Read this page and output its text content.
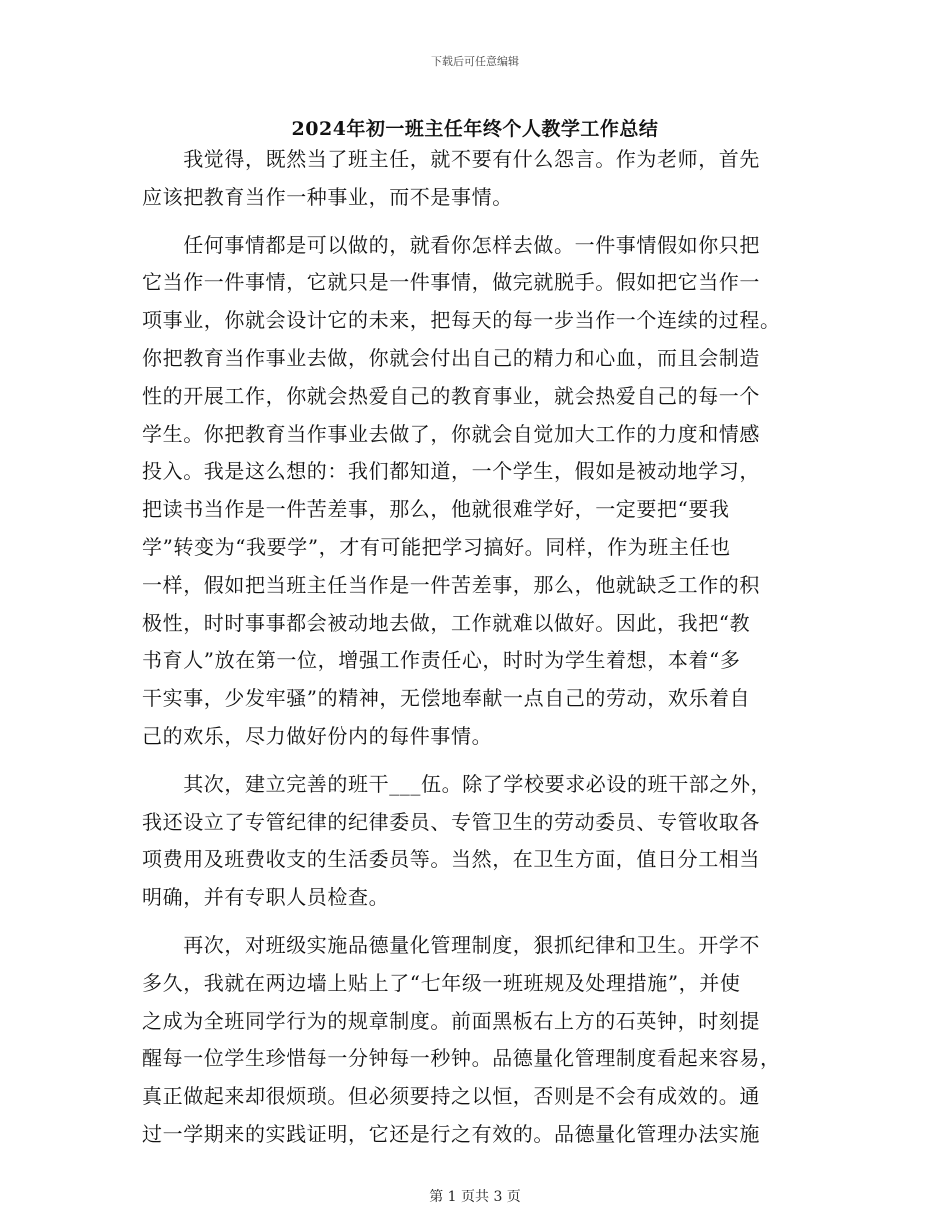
下载后可任意编辑
2024年初一班主任年终个人教学工作总结
　　我觉得，既然当了班主任，就不要有什么怨言。作为老师，首先
应该把教育当作一种事业，而不是事情。
　　任何事情都是可以做的，就看你怎样去做。一件事情假如你只把
它当作一件事情，它就只是一件事情，做完就脱手。假如把它当作一
项事业，你就会设计它的未来，把每天的每一步当作一个连续的过程。
你把教育当作事业去做，你就会付出自己的精力和心血，而且会制造
性的开展工作，你就会热爱自己的教育事业，就会热爱自己的每一个
学生。你把教育当作事业去做了，你就会自觉加大工作的力度和情感
投入。我是这么想的：我们都知道，一个学生，假如是被动地学习，
把读书当作是一件苦差事，那么，他就很难学好，一定要把“要我
学”转变为“我要学”，才有可能把学习搞好。同样，作为班主任也
一样，假如把当班主任当作是一件苦差事，那么，他就缺乏工作的积
极性，时时事事都会被动地去做，工作就难以做好。因此，我把“教
书育人”放在第一位，增强工作责任心，时时为学生着想，本着“多
干实事，少发牢骚”的精神，无偿地奉献一点自己的劳动，欢乐着自
己的欢乐，尽力做好份内的每件事情。
　　其次，建立完善的班干___伍。除了学校要求必设的班干部之外，
我还设立了专管纪律的纪律委员、专管卫生的劳动委员、专管收取各
项费用及班费收支的生活委员等。当然，在卫生方面，值日分工相当
明确，并有专职人员检查。
　　再次，对班级实施品德量化管理制度，狠抓纪律和卫生。开学不
多久，我就在两边墙上贴上了“七年级一班班规及处理措施”，并使
之成为全班同学行为的规章制度。前面黑板右上方的石英钟，时刻提
醒每一位学生珍惜每一分钟每一秒钟。品德量化管理制度看起来容易，
真正做起来却很烦琐。但必须要持之以恒，否则是不会有成效的。通
过一学期来的实践证明，它还是行之有效的。品德量化管理办法实施
第 1 页共 3 页
